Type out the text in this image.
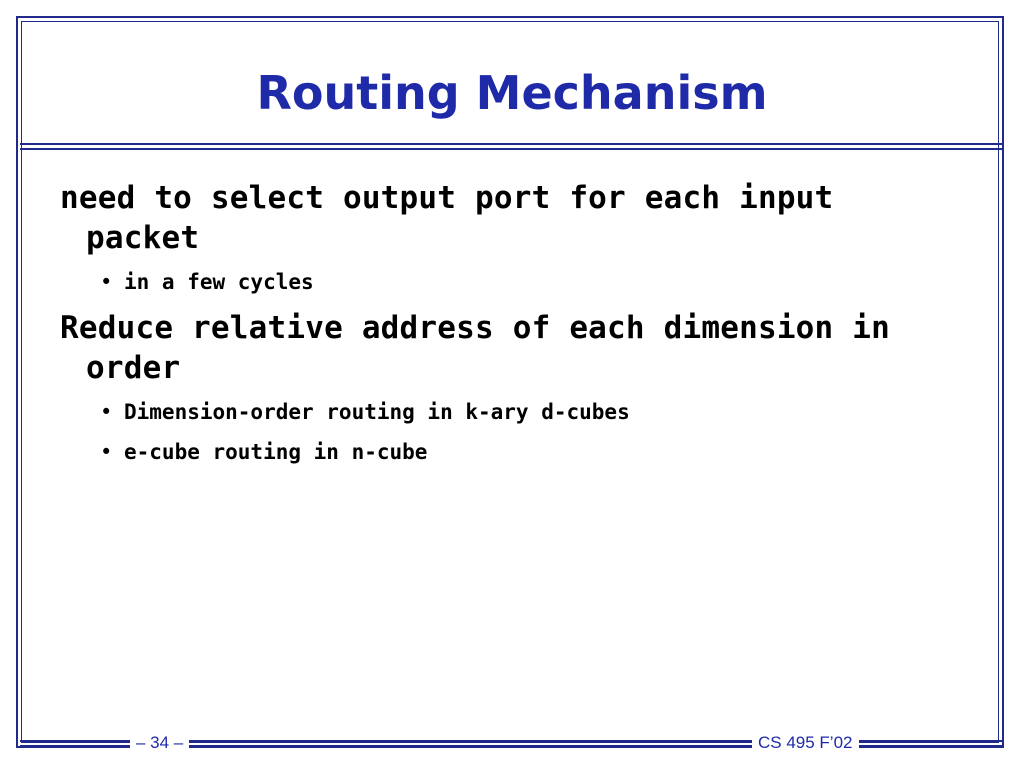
Routing Mechanism

need to select output port for each input packet

• in a few cycles

Reduce relative address of each dimension in order

• Dimension-order routing in k-ary d-cubes
• e-cube routing in n-cube
– 34 –	CS 495 F’02
